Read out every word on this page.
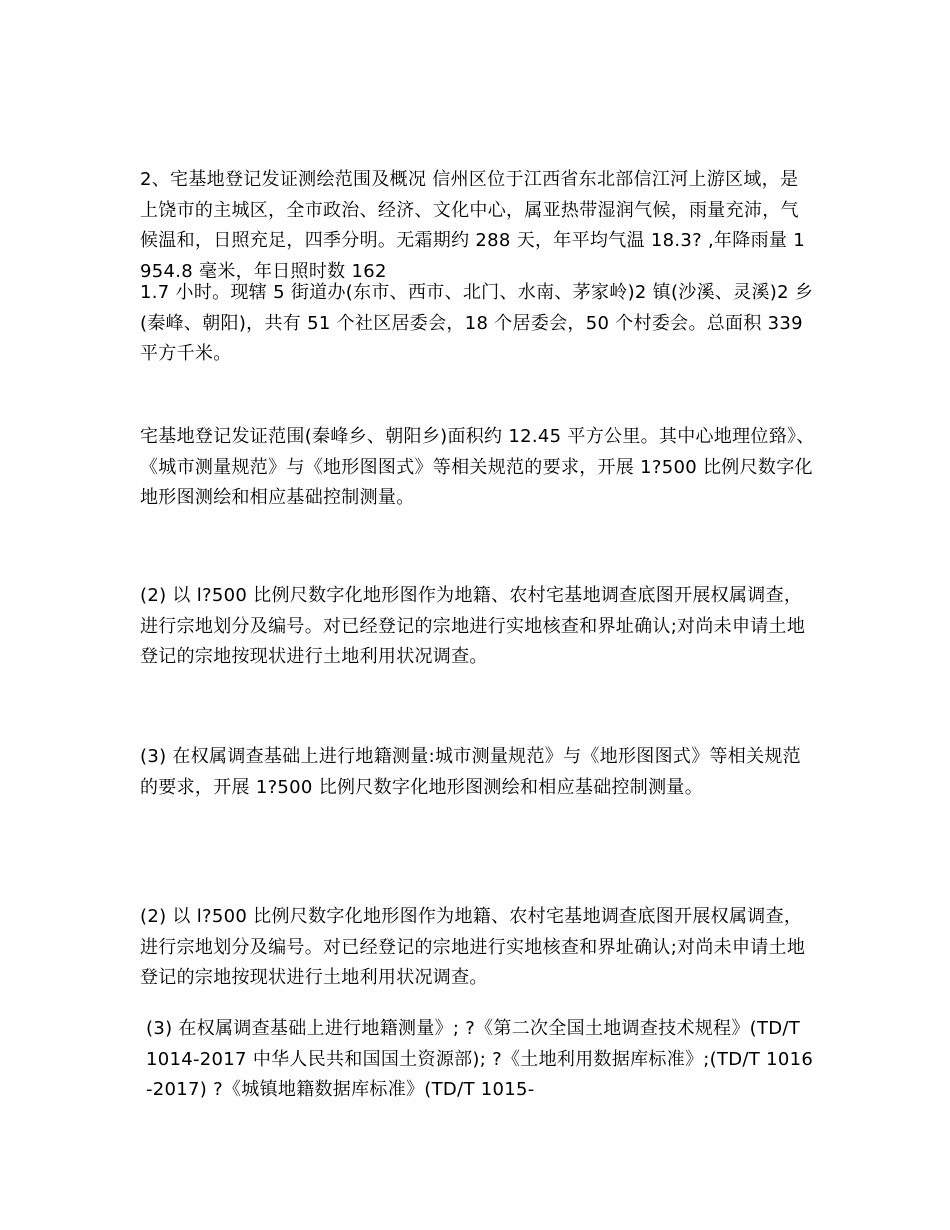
2、宅基地登记发证测绘范围及概况 信州区位于江西省东北部信江河上游区域，是上饶市的主城区，全市政治、经济、文化中心，属亚热带湿润气候，雨量充沛，气候温和，日照充足，四季分明。无霜期约 288 天，年平均气温 18.3? ,年降雨量 1954.8 毫米，年日照时数 162

1.7 小时。现辖 5 街道办(东市、西市、北门、水南、茅家岭)2 镇(沙溪、灵溪)2 乡(秦峰、朝阳)，共有 51 个社区居委会，18 个居委会，50 个村委会。总面积 339 平方千米。

宅基地登记发证范围(秦峰乡、朝阳乡)面积约 12.45 平方公里。其中心地理位臵》、《城市测量规范》与《地形图图式》等相关规范的要求，开展 1?500 比例尺数字化地形图测绘和相应基础控制测量。

(2) 以 l?500 比例尺数字化地形图作为地籍、农村宅基地调查底图开展权属调查，进行宗地划分及编号。对已经登记的宗地进行实地核查和界址确认;对尚未申请土地登记的宗地按现状进行土地利用状况调查。

(3) 在权属调查基础上进行地籍测量:城市测量规范》与《地形图图式》等相关规范的要求，开展 1?500 比例尺数字化地形图测绘和相应基础控制测量。

(2) 以 l?500 比例尺数字化地形图作为地籍、农村宅基地调查底图开展权属调查，进行宗地划分及编号。对已经登记的宗地进行实地核查和界址确认;对尚未申请土地登记的宗地按现状进行土地利用状况调查。

(3) 在权属调查基础上进行地籍测量》; ?《第二次全国土地调查技术规程》(TD/T 1014-2017 中华人民共和国国土资源部); ?《土地利用数据库标准》;(TD/T 1016-2017) ?《城镇地籍数据库标准》(TD/T 1015-
